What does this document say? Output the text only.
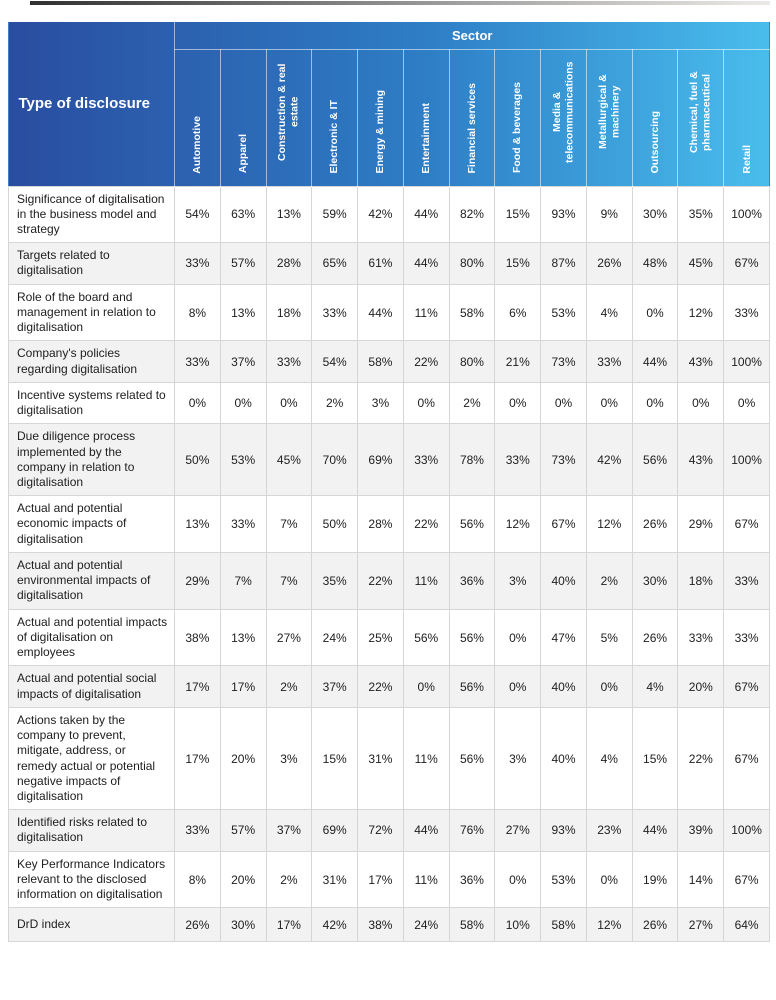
Type of disclosure	Sector												
	Automotive	Apparel	Construction & real estate	Electronic & IT	Energy & mining	Entertainment	Financial services	Food & beverages	Media & telecommunications	Metallurgical & machinery	Outsourcing	Chemical, fuel & pharmaceutical	Retail
Significance of digitalisation in the business model and strategy	54%	63%	13%	59%	42%	44%	82%	15%	93%	9%	30%	35%	100%
Targets related to digitalisation	33%	57%	28%	65%	61%	44%	80%	15%	87%	26%	48%	45%	67%
Role of the board and management in relation to digitalisation	8%	13%	18%	33%	44%	11%	58%	6%	53%	4%	0%	12%	33%
Company's policies regarding digitalisation	33%	37%	33%	54%	58%	22%	80%	21%	73%	33%	44%	43%	100%
Incentive systems related to digitalisation	0%	0%	0%	2%	3%	0%	2%	0%	0%	0%	0%	0%	0%
Due diligence process implemented by the company in relation to digitalisation	50%	53%	45%	70%	69%	33%	78%	33%	73%	42%	56%	43%	100%
Actual and potential economic impacts of digitalisation	13%	33%	7%	50%	28%	22%	56%	12%	67%	12%	26%	29%	67%
Actual and potential environmental impacts of digitalisation	29%	7%	7%	35%	22%	11%	36%	3%	40%	2%	30%	18%	33%
Actual and potential impacts of digitalisation on employees	38%	13%	27%	24%	25%	56%	56%	0%	47%	5%	26%	33%	33%
Actual and potential social impacts of digitalisation	17%	17%	2%	37%	22%	0%	56%	0%	40%	0%	4%	20%	67%
Actions taken by the company to prevent, mitigate, address, or remedy actual or potential negative impacts of digitalisation	17%	20%	3%	15%	31%	11%	56%	3%	40%	4%	15%	22%	67%
Identified risks related to digitalisation	33%	57%	37%	69%	72%	44%	76%	27%	93%	23%	44%	39%	100%
Key Performance Indicators relevant to the disclosed information on digitalisation	8%	20%	2%	31%	17%	11%	36%	0%	53%	0%	19%	14%	67%
DrD index	26%	30%	17%	42%	38%	24%	58%	10%	58%	12%	26%	27%	64%
